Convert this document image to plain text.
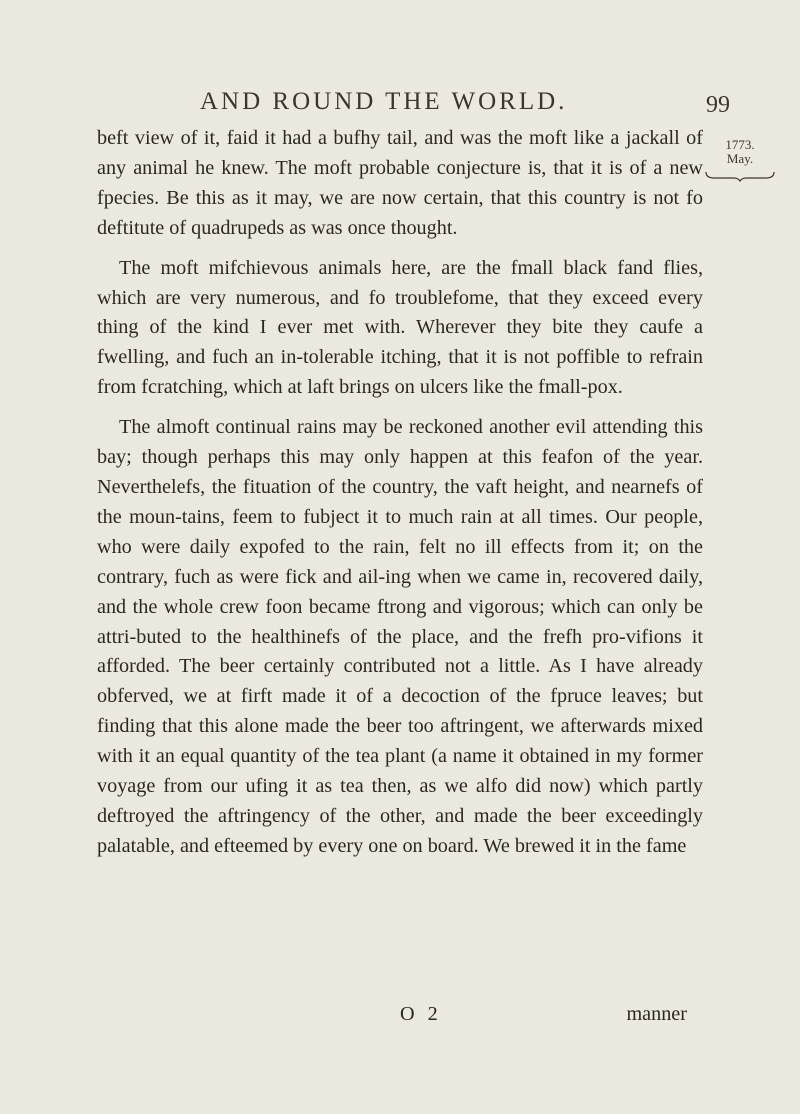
AND ROUND THE WORLD.	99
1773.
May.

beft view of it, faid it had a bufhy tail, and was the moft like a jackall of any animal he knew. The moft probable conjecture is, that it is of a new fpecies. Be this as it may, we are now certain, that this country is not fo deftitute of quadrupeds as was once thought.

The moft mifchievous animals here, are the fmall black fand flies, which are very numerous, and fo troublefome, that they exceed every thing of the kind I ever met with. Wherever they bite they caufe a fwelling, and fuch an in-tolerable itching, that it is not poffible to refrain from fcratching, which at laft brings on ulcers like the fmall-pox.

The almoft continual rains may be reckoned another evil attending this bay; though perhaps this may only happen at this feafon of the year. Neverthelefs, the fituation of the country, the vaft height, and nearnefs of the moun-tains, feem to fubject it to much rain at all times. Our people, who were daily expofed to the rain, felt no ill effects from it; on the contrary, fuch as were fick and ail-ing when we came in, recovered daily, and the whole crew foon became ftrong and vigorous; which can only be attri-buted to the healthinefs of the place, and the frefh pro-vifions it afforded. The beer certainly contributed not a little. As I have already obferved, we at firft made it of a decoction of the fpruce leaves; but finding that this alone made the beer too aftringent, we afterwards mixed with it an equal quantity of the tea plant (a name it obtained in my former voyage from our ufing it as tea then, as we alfo did now) which partly deftroyed the aftringency of the other, and made the beer exceedingly palatable, and efteemed by every one on board. We brewed it in the fame

O 2	manner
